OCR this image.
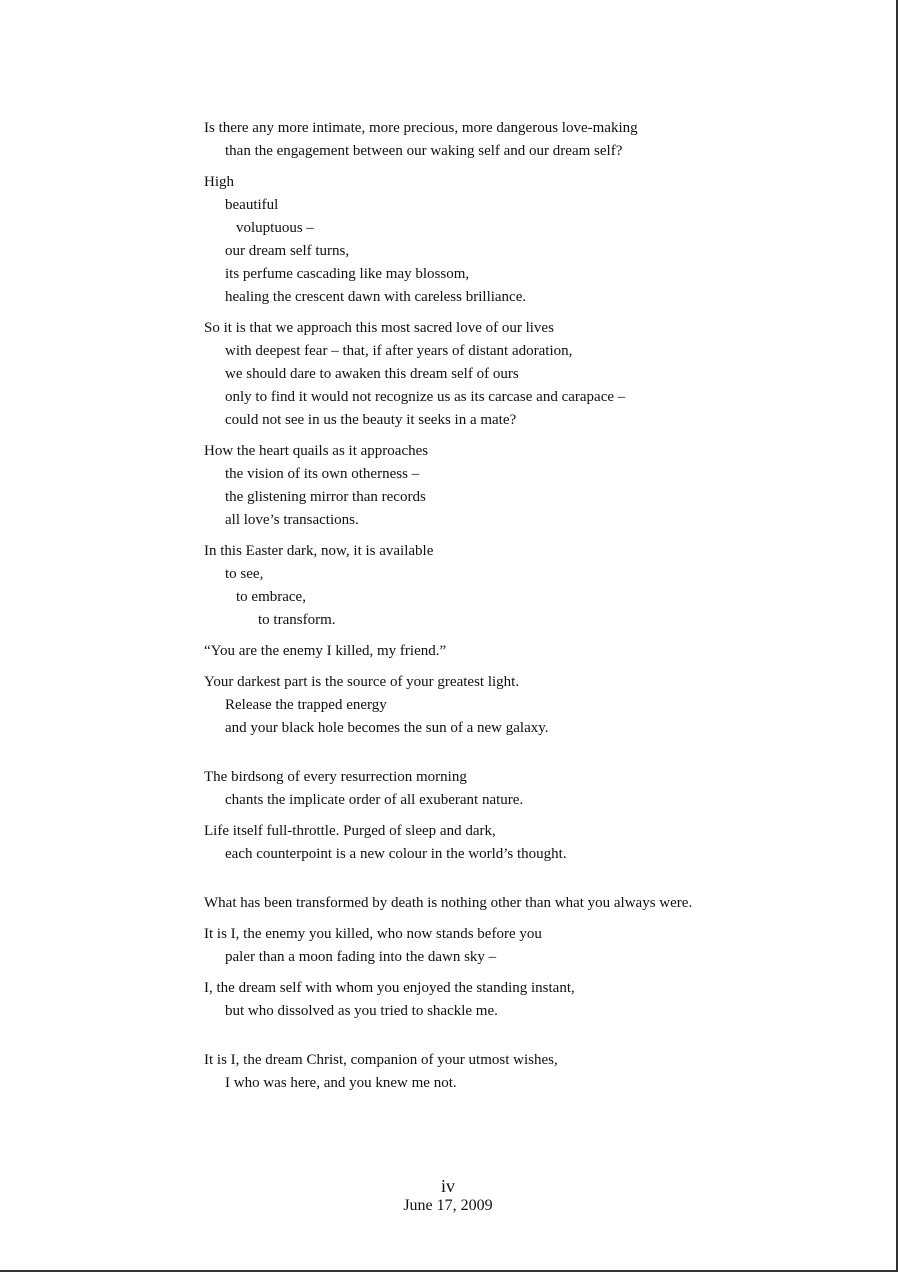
Is there any more intimate, more precious, more dangerous love-making
than the engagement between our waking self and our dream self?
High
beautiful
voluptuous –
our dream self turns,
its perfume cascading like may blossom,
healing the crescent dawn with careless brilliance.
So it is that we approach this most sacred love of our lives
with deepest fear – that, if after years of distant adoration,
we should dare to awaken this dream self of ours
only to find it would not recognize us as its carcase and carapace –
could not see in us the beauty it seeks in a mate?
How the heart quails as it approaches
the vision of its own otherness –
the glistening mirror than records
all love’s transactions.
In this Easter dark, now, it is available
to see,
to embrace,
to transform.
“You are the enemy I killed, my friend.”
Your darkest part is the source of your greatest light.
Release the trapped energy
and your black hole becomes the sun of a new galaxy.
The birdsong of every resurrection morning
chants the implicate order of all exuberant nature.
Life itself full-throttle. Purged of sleep and dark,
each counterpoint is a new colour in the world’s thought.
What has been transformed by death is nothing other than what you always were.
It is I, the enemy you killed, who now stands before you
paler than a moon fading into the dawn sky –
I, the dream self with whom you enjoyed the standing instant,
but who dissolved as you tried to shackle me.
It is I, the dream Christ, companion of your utmost wishes,
I who was here, and you knew me not.
iv
June 17, 2009
